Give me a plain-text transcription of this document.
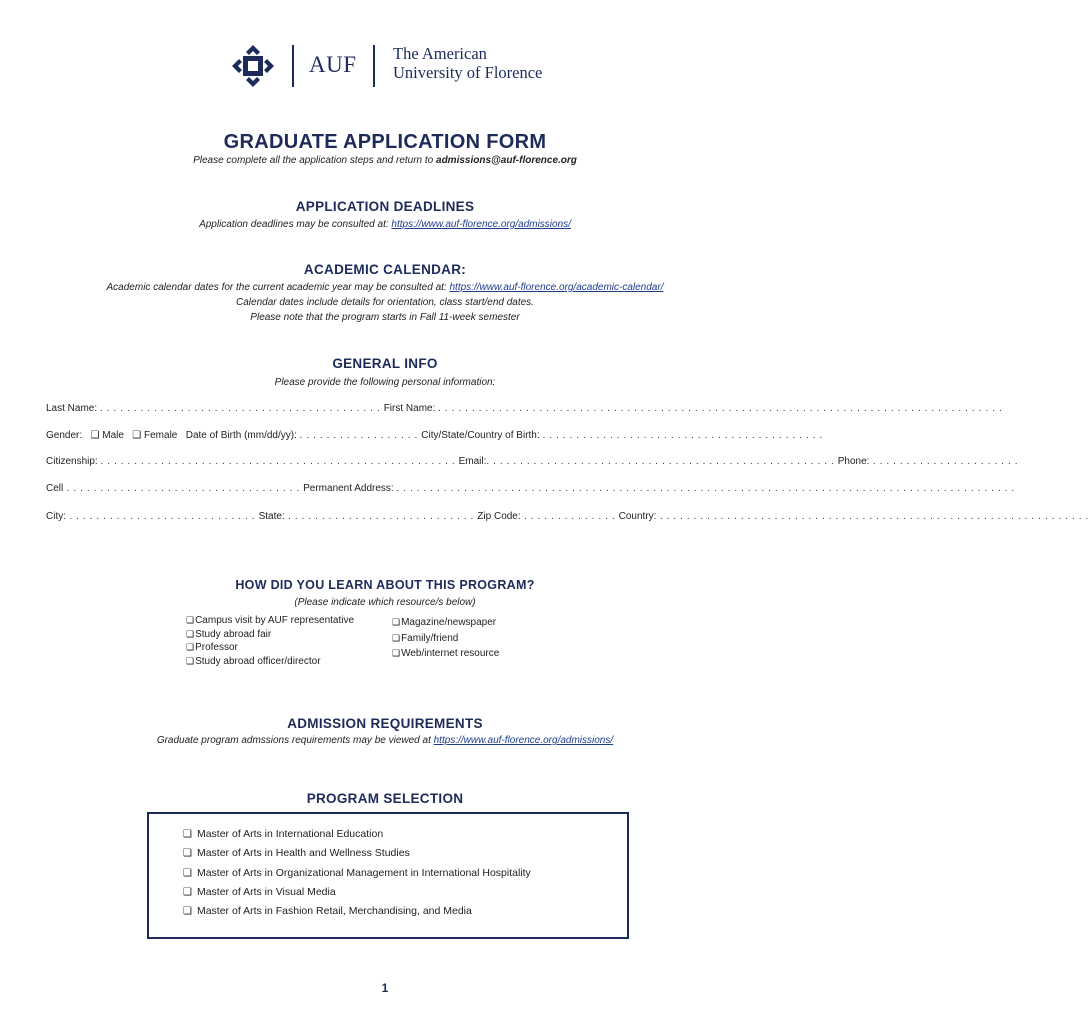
AUF The American
University of Florence
GRADUATE APPLICATION FORM
Please complete all the application steps and return to admissions@auf-florence.org
APPLICATION DEADLINES
Application deadlines may be consulted at: https://www.auf-florence.org/admissions/
ACADEMIC CALENDAR:
Academic calendar dates for the current academic year may be consulted at: https://www.auf-florence.org/academic-calendar/
Calendar dates include details for orientation, class start/end dates.
Please note that the program starts in Fall 11-week semester
GENERAL INFO
Please provide the following personal information:
Last Name: . . . . . . . . . . . . . . . . . . . . . . . . . . . . . . . . . . . . . . . . . . First Name: . . . . . . . . . . . . . . . . . . . . . . . . . . . . . . . . . . . . . . . . . . . . . . . . . . . . . . . . . . . . . . . . . . . . . . . . . . . . . . . . . . . .
Gender: ❑ Male ❑ Female Date of Birth (mm/dd/yy): . . . . . . . . . . . . . . . . . . City/State/Country of Birth: . . . . . . . . . . . . . . . . . . . . . . . . . . . . . . . . . . . . . . . . . .
Citizenship: . . . . . . . . . . . . . . . . . . . . . . . . . . . . . . . . . . . . . . . . . . . . . . . . . . . . . Email:. . . . . . . . . . . . . . . . . . . . . . . . . . . . . . . . . . . . . . . . . . . . . . . . . . . . Phone: . . . . . . . . . . . . . . . . . . . . . .
Cell . . . . . . . . . . . . . . . . . . . . . . . . . . . . . . . . . . . Permanent Address: . . . . . . . . . . . . . . . . . . . . . . . . . . . . . . . . . . . . . . . . . . . . . . . . . . . . . . . . . . . . . . . . . . . . . . . . . . . . . . . . . . . . . . . . . . . .
City: . . . . . . . . . . . . . . . . . . . . . . . . . . . . State: . . . . . . . . . . . . . . . . . . . . . . . . . . . . Zip Code: . . . . . . . . . . . . . . Country: . . . . . . . . . . . . . . . . . . . . . . . . . . . . . . . . . . . . . . . . . . . . . . . . . . . . . . . . . . . . . . . .
HOW DID YOU LEARN ABOUT THIS PROGRAM?
(Please indicate which resource/s below)
❑Campus visit by AUF representative
❑Study abroad fair
❑Professor
❑Study abroad officer/director
❑Magazine/newspaper
❑Family/friend
❑Web/internet resource
ADMISSION REQUIREMENTS
Graduate program admssions requirements may be viewed at https://www.auf-florence.org/admissions/
PROGRAM SELECTION
❑ Master of Arts in International Education
❑ Master of Arts in Health and Wellness Studies
❑ Master of Arts in Organizational Management in International Hospitality
❑ Master of Arts in Visual Media
❑ Master of Arts in Fashion Retail, Merchandising, and Media
1
